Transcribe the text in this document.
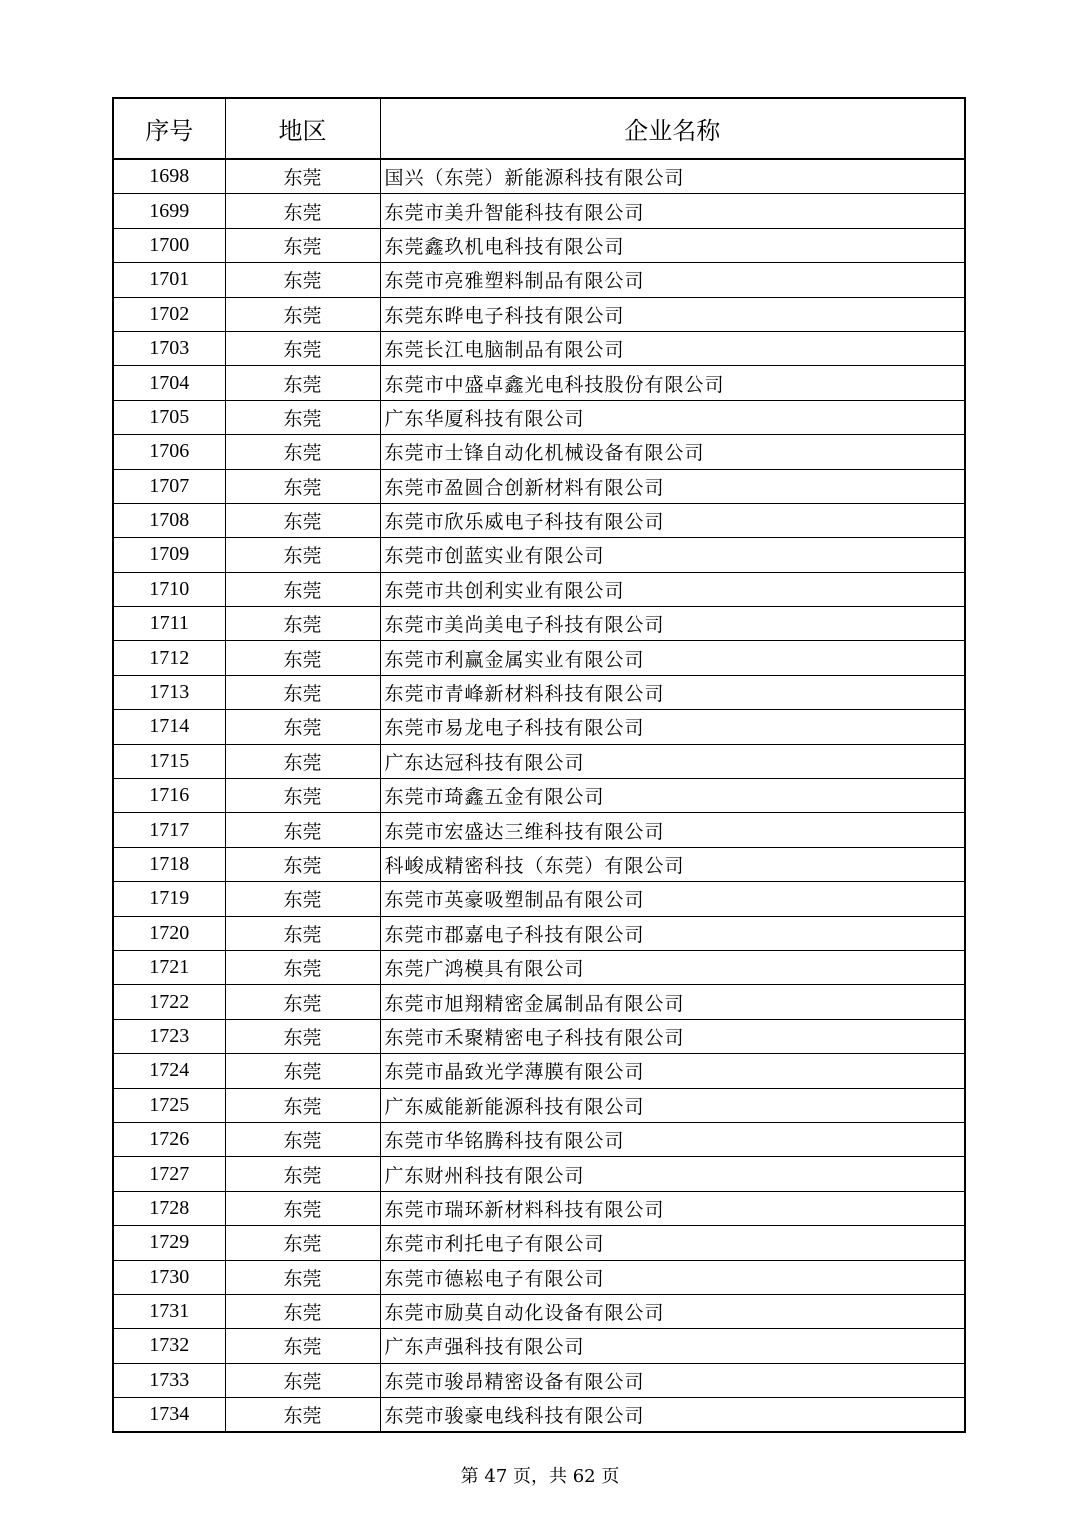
序号	地区	企业名称
1698	东莞	国兴（东莞）新能源科技有限公司
1699	东莞	东莞市美升智能科技有限公司
1700	东莞	东莞鑫玖机电科技有限公司
1701	东莞	东莞市亮雅塑料制品有限公司
1702	东莞	东莞东晔电子科技有限公司
1703	东莞	东莞长江电脑制品有限公司
1704	东莞	东莞市中盛卓鑫光电科技股份有限公司
1705	东莞	广东华厦科技有限公司
1706	东莞	东莞市士锋自动化机械设备有限公司
1707	东莞	东莞市盈圆合创新材料有限公司
1708	东莞	东莞市欣乐威电子科技有限公司
1709	东莞	东莞市创蓝实业有限公司
1710	东莞	东莞市共创利实业有限公司
1711	东莞	东莞市美尚美电子科技有限公司
1712	东莞	东莞市利赢金属实业有限公司
1713	东莞	东莞市青峰新材料科技有限公司
1714	东莞	东莞市易龙电子科技有限公司
1715	东莞	广东达冠科技有限公司
1716	东莞	东莞市琦鑫五金有限公司
1717	东莞	东莞市宏盛达三维科技有限公司
1718	东莞	科峻成精密科技（东莞）有限公司
1719	东莞	东莞市英豪吸塑制品有限公司
1720	东莞	东莞市郡嘉电子科技有限公司
1721	东莞	东莞广鸿模具有限公司
1722	东莞	东莞市旭翔精密金属制品有限公司
1723	东莞	东莞市禾聚精密电子科技有限公司
1724	东莞	东莞市晶致光学薄膜有限公司
1725	东莞	广东威能新能源科技有限公司
1726	东莞	东莞市华铭腾科技有限公司
1727	东莞	广东财州科技有限公司
1728	东莞	东莞市瑞环新材料科技有限公司
1729	东莞	东莞市利托电子有限公司
1730	东莞	东莞市德崧电子有限公司
1731	东莞	东莞市励莫自动化设备有限公司
1732	东莞	广东声强科技有限公司
1733	东莞	东莞市骏昂精密设备有限公司
1734	东莞	东莞市骏豪电线科技有限公司
第 47 页，共 62 页
